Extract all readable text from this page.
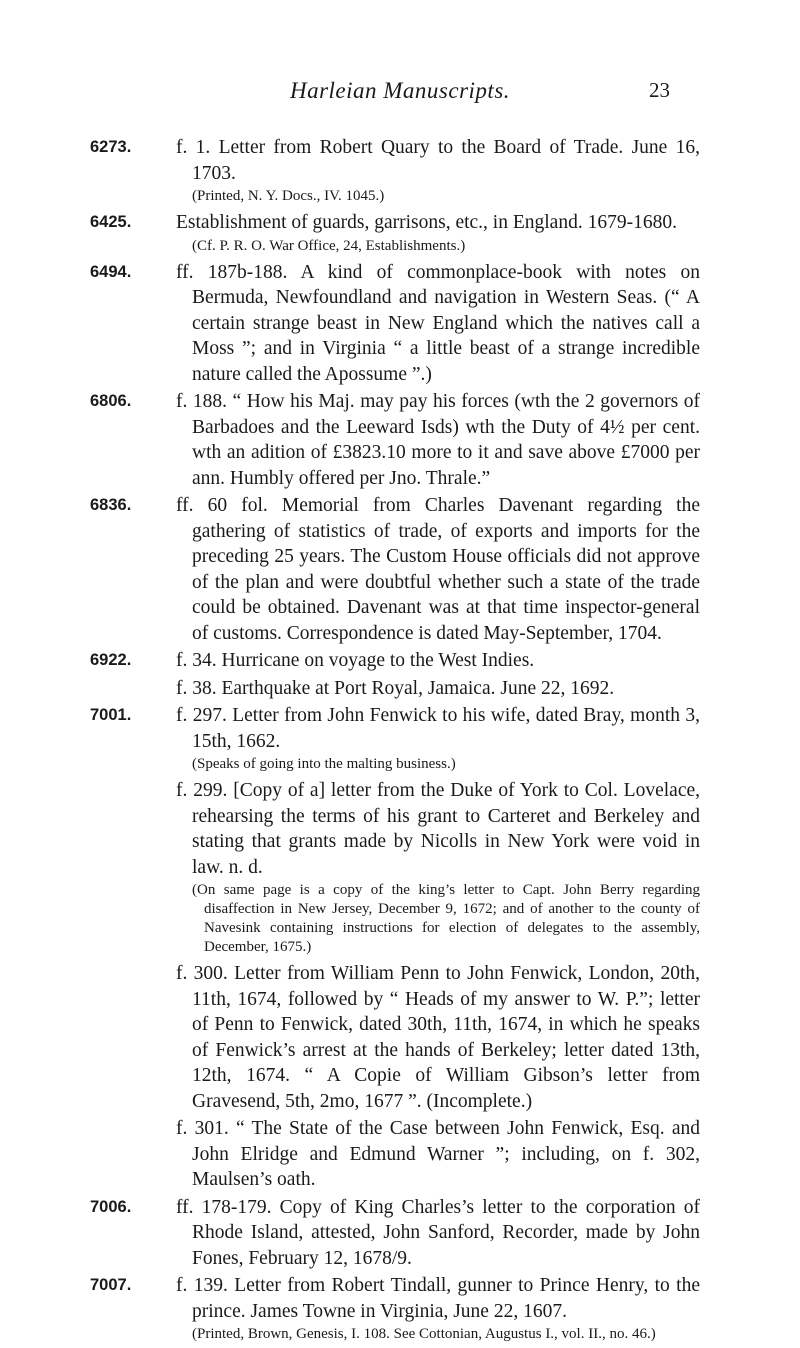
Harleian Manuscripts.	23
6273. f. 1. Letter from Robert Quary to the Board of Trade. June 16, 1703.
(Printed, N. Y. Docs., IV. 1045.)
6425. Establishment of guards, garrisons, etc., in England. 1679-1680.
(Cf. P. R. O. War Office, 24, Establishments.)
6494. ff. 187b-188. A kind of commonplace-book with notes on Bermuda, Newfoundland and navigation in Western Seas. (“ A certain strange beast in New England which the natives call a Moss ”; and in Virginia “ a little beast of a strange incredible nature called the Apossume ”.)
6806. f. 188. “ How his Maj. may pay his forces (wth the 2 governors of Barbadoes and the Leeward Isds) wth the Duty of 4½ per cent. wth an adition of £3823.10 more to it and save above £7000 per ann. Humbly offered per Jno. Thrale.”
6836. ff. 60 fol. Memorial from Charles Davenant regarding the gathering of statistics of trade, of exports and imports for the preceding 25 years. The Custom House officials did not approve of the plan and were doubtful whether such a state of the trade could be obtained. Davenant was at that time inspector-general of customs. Correspondence is dated May-September, 1704.
6922. f. 34. Hurricane on voyage to the West Indies.
f. 38. Earthquake at Port Royal, Jamaica. June 22, 1692.
7001. f. 297. Letter from John Fenwick to his wife, dated Bray, month 3, 15th, 1662.
(Speaks of going into the malting business.)
f. 299. [Copy of a] letter from the Duke of York to Col. Lovelace, rehearsing the terms of his grant to Carteret and Berkeley and stating that grants made by Nicolls in New York were void in law. n. d.
(On same page is a copy of the king’s letter to Capt. John Berry regarding disaffection in New Jersey, December 9, 1672; and of another to the county of Navesink containing instructions for election of delegates to the assembly, December, 1675.)
f. 300. Letter from William Penn to John Fenwick, London, 20th, 11th, 1674, followed by “ Heads of my answer to W. P.”; letter of Penn to Fenwick, dated 30th, 11th, 1674, in which he speaks of Fenwick’s arrest at the hands of Berkeley; letter dated 13th, 12th, 1674. “ A Copie of William Gibson’s letter from Gravesend, 5th, 2mo, 1677 ”. (Incomplete.)
f. 301. “ The State of the Case between John Fenwick, Esq. and John Elridge and Edmund Warner ”; including, on f. 302, Maulsen’s oath.
7006. ff. 178-179. Copy of King Charles’s letter to the corporation of Rhode Island, attested, John Sanford, Recorder, made by John Fones, February 12, 1678/9.
7007. f. 139. Letter from Robert Tindall, gunner to Prince Henry, to the prince. James Towne in Virginia, June 22, 1607.
(Printed, Brown, Genesis, I. 108. See Cottonian, Augustus I., vol. II., no. 46.)
